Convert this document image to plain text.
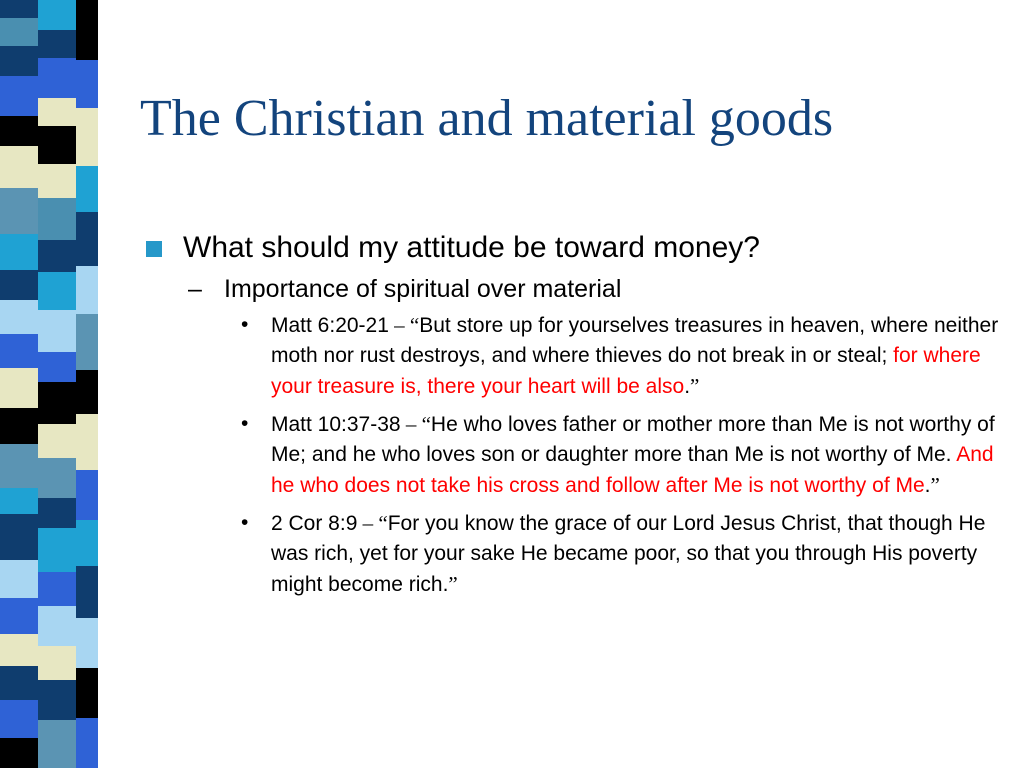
The Christian and material goods
What should my attitude be toward money?
– Importance of spiritual over material
• Matt 6:20-21 – “But store up for yourselves treasures in heaven, where neither moth nor rust destroys, and where thieves do not break in or steal; for where your treasure is, there your heart will be also.”
• Matt 10:37-38 – “He who loves father or mother more than Me is not worthy of Me; and he who loves son or daughter more than Me is not worthy of Me. And he who does not take his cross and follow after Me is not worthy of Me.”
• 2 Cor 8:9 – “For you know the grace of our Lord Jesus Christ, that though He was rich, yet for your sake He became poor, so that you through His poverty might become rich.”
